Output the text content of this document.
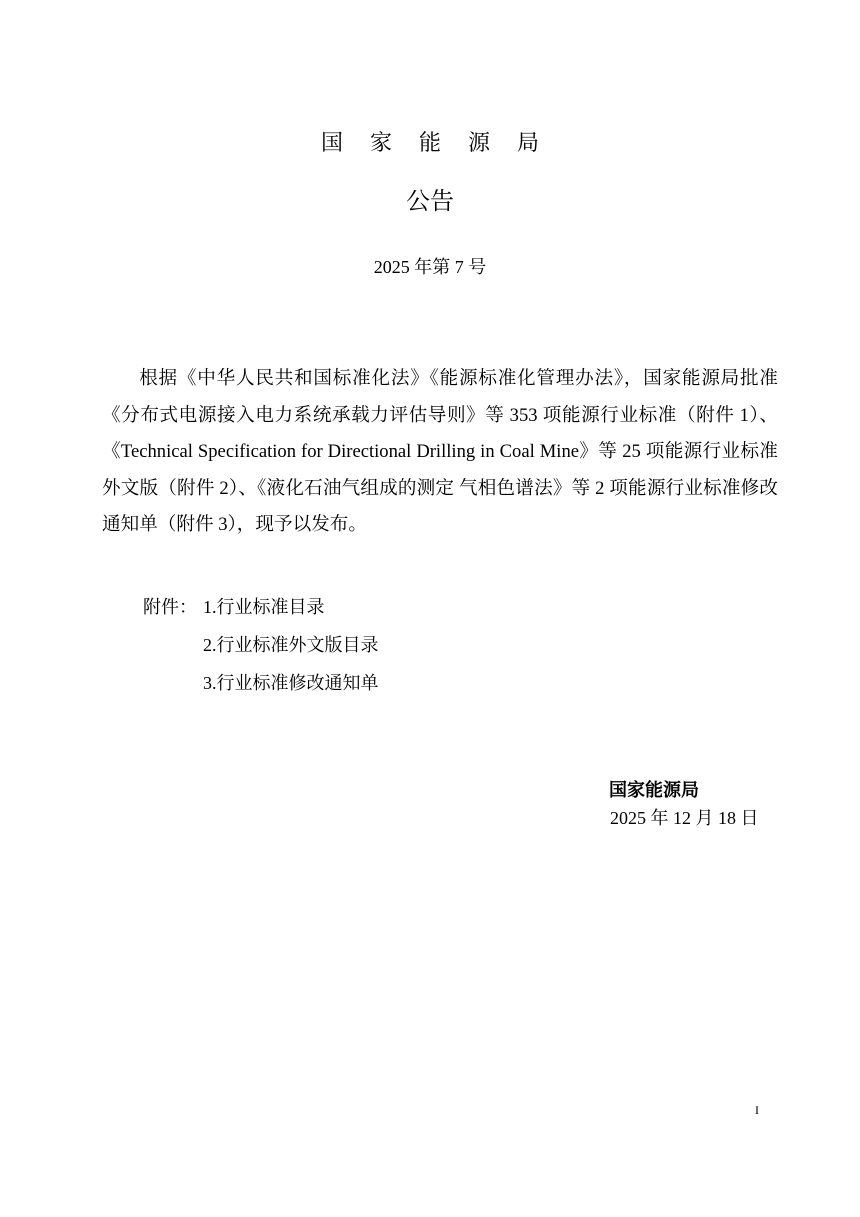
国 家 能 源 局
公告
2025 年第 7 号
根据《中华人民共和国标准化法》《能源标准化管理办法》，国家能源局批准《分布式电源接入电力系统承载力评估导则》等 353 项能源行业标准（附件 1）、《Technical Specification for Directional Drilling in Coal Mine》等 25 项能源行业标准外文版（附件 2）、《液化石油气组成的测定 气相色谱法》等 2 项能源行业标准修改通知单（附件 3），现予以发布。
附件： 1.行业标准目录
2.行业标准外文版目录
3.行业标准修改通知单
国家能源局
2025 年 12 月 18 日
I
